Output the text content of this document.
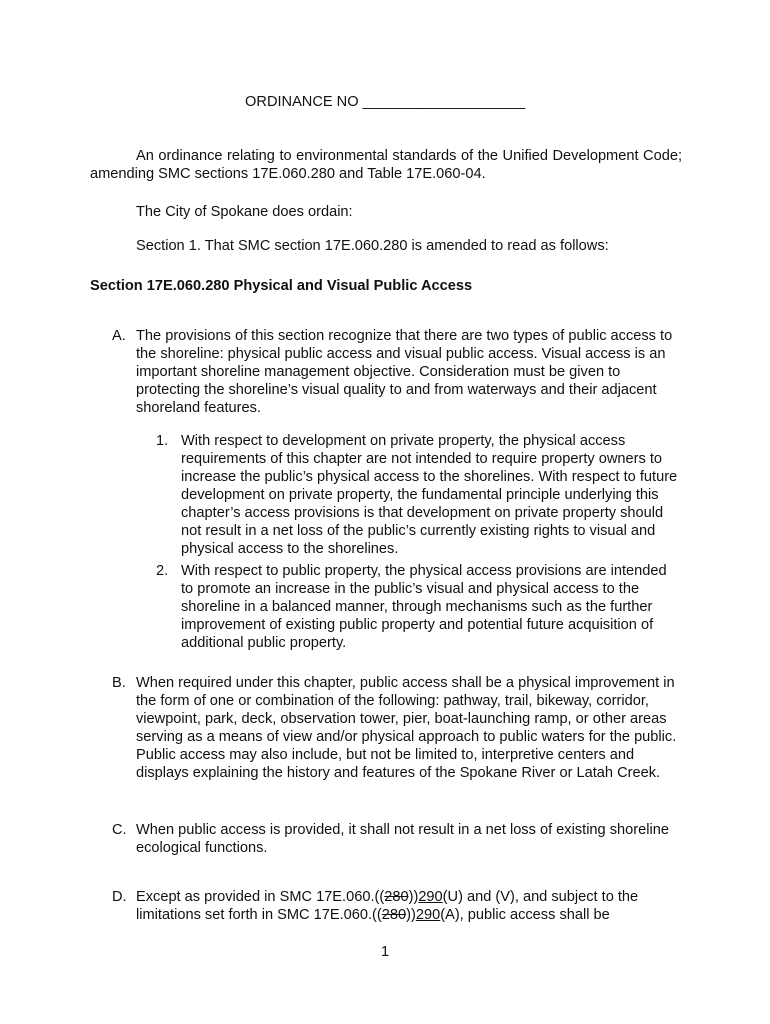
ORDINANCE NO ____________________
An ordinance relating to environmental standards of the Unified Development Code; amending SMC sections 17E.060.280 and Table 17E.060-04.
The City of Spokane does ordain:
Section 1. That SMC section 17E.060.280 is amended to read as follows:
Section 17E.060.280 Physical and Visual Public Access
A. The provisions of this section recognize that there are two types of public access to the shoreline: physical public access and visual public access. Visual access is an important shoreline management objective. Consideration must be given to protecting the shoreline’s visual quality to and from waterways and their adjacent shoreland features.
1. With respect to development on private property, the physical access requirements of this chapter are not intended to require property owners to increase the public’s physical access to the shorelines. With respect to future development on private property, the fundamental principle underlying this chapter’s access provisions is that development on private property should not result in a net loss of the public’s currently existing rights to visual and physical access to the shorelines.
2. With respect to public property, the physical access provisions are intended to promote an increase in the public’s visual and physical access to the shoreline in a balanced manner, through mechanisms such as the further improvement of existing public property and potential future acquisition of additional public property.
B. When required under this chapter, public access shall be a physical improvement in the form of one or combination of the following: pathway, trail, bikeway, corridor, viewpoint, park, deck, observation tower, pier, boat-launching ramp, or other areas serving as a means of view and/or physical approach to public waters for the public. Public access may also include, but not be limited to, interpretive centers and displays explaining the history and features of the Spokane River or Latah Creek.
C. When public access is provided, it shall not result in a net loss of existing shoreline ecological functions.
D. Except as provided in SMC 17E.060.((280))290(U) and (V), and subject to the limitations set forth in SMC 17E.060.((280))290(A), public access shall be
1
